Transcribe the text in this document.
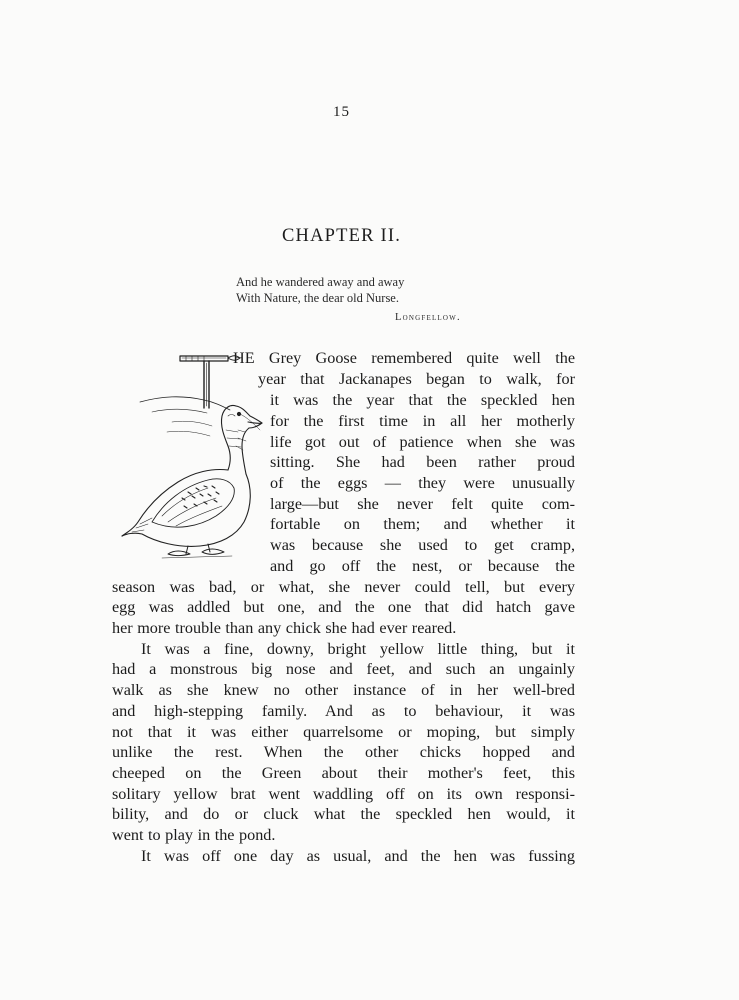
15
CHAPTER II.
And he wandered away and away
With Nature, the dear old Nurse.
Longfellow.
HE Grey Goose remembered quite well the
year that Jackanapes began to walk, for
it was the year that the speckled hen
for the first time in all her motherly
life got out of patience when she was
sitting. She had been rather proud
of the eggs — they were unusually
large—but she never felt quite com-
fortable on them; and whether it
was because she used to get cramp,
and go off the nest, or because the
season was bad, or what, she never could tell, but every
egg was addled but one, and the one that did hatch gave
her more trouble than any chick she had ever reared.
It was a fine, downy, bright yellow little thing, but it
had a monstrous big nose and feet, and such an ungainly
walk as she knew no other instance of in her well-bred
and high-stepping family. And as to behaviour, it was
not that it was either quarrelsome or moping, but simply
unlike the rest. When the other chicks hopped and
cheeped on the Green about their mother's feet, this
solitary yellow brat went waddling off on its own responsi-
bility, and do or cluck what the speckled hen would, it
went to play in the pond.
It was off one day as usual, and the hen was fussing
